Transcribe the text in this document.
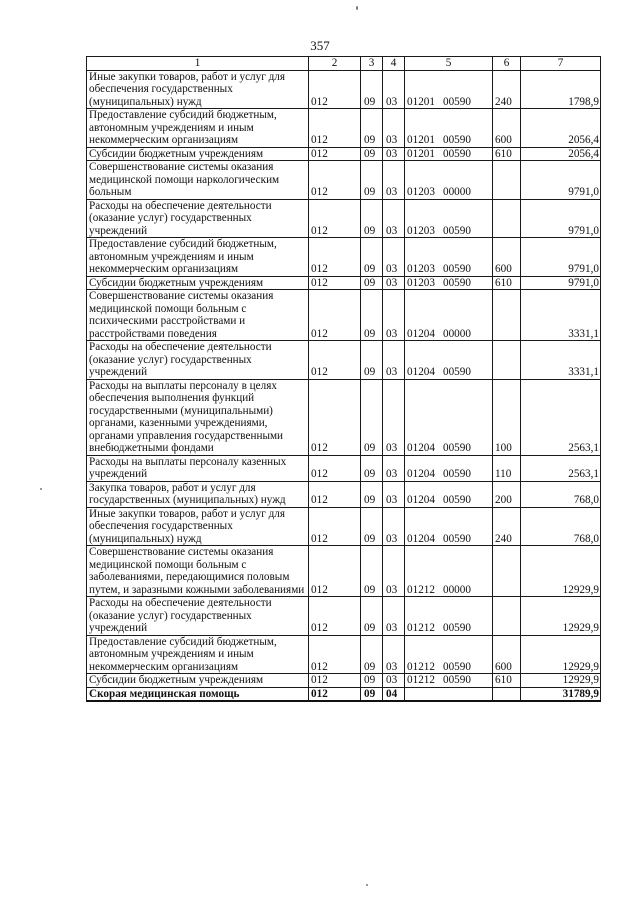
357
1	2	3	4	5	6	7
Иные закупки товаров, работ и услуг для обеспечения государственных (муниципальных) нужд	012	09	03	01201 00590	240	1798,9
Предоставление субсидий бюджетным, автономным учреждениям и иным некоммерческим организациям	012	09	03	01201 00590	600	2056,4
Субсидии бюджетным учреждениям	012	09	03	01201 00590	610	2056,4
Совершенствование системы оказания медицинской помощи наркологическим больным	012	09	03	01203 00000		9791,0
Расходы на обеспечение деятельности (оказание услуг) государственных учреждений	012	09	03	01203 00590		9791,0
Предоставление субсидий бюджетным, автономным учреждениям и иным некоммерческим организациям	012	09	03	01203 00590	600	9791,0
Субсидии бюджетным учреждениям	012	09	03	01203 00590	610	9791,0
Совершенствование системы оказания медицинской помощи больным с психическими расстройствами и расстройствами поведения	012	09	03	01204 00000		3331,1
Расходы на обеспечение деятельности (оказание услуг) государственных учреждений	012	09	03	01204 00590		3331,1
Расходы на выплаты персоналу в целях обеспечения выполнения функций государственными (муниципальными) органами, казенными учреждениями, органами управления государственными внебюджетными фондами	012	09	03	01204 00590	100	2563,1
Расходы на выплаты персоналу казенных учреждений	012	09	03	01204 00590	110	2563,1
Закупка товаров, работ и услуг для государственных (муниципальных) нужд	012	09	03	01204 00590	200	768,0
Иные закупки товаров, работ и услуг для обеспечения государственных (муниципальных) нужд	012	09	03	01204 00590	240	768,0
Совершенствование системы оказания медицинской помощи больным с заболеваниями, передающимися половым путем, и заразными кожными заболеваниями	012	09	03	01212 00000		12929,9
Расходы на обеспечение деятельности (оказание услуг) государственных учреждений	012	09	03	01212 00590		12929,9
Предоставление субсидий бюджетным, автономным учреждениям и иным некоммерческим организациям	012	09	03	01212 00590	600	12929,9
Субсидии бюджетным учреждениям	012	09	03	01212 00590	610	12929,9
Скорая медицинская помощь	012	09	04			31789,9
